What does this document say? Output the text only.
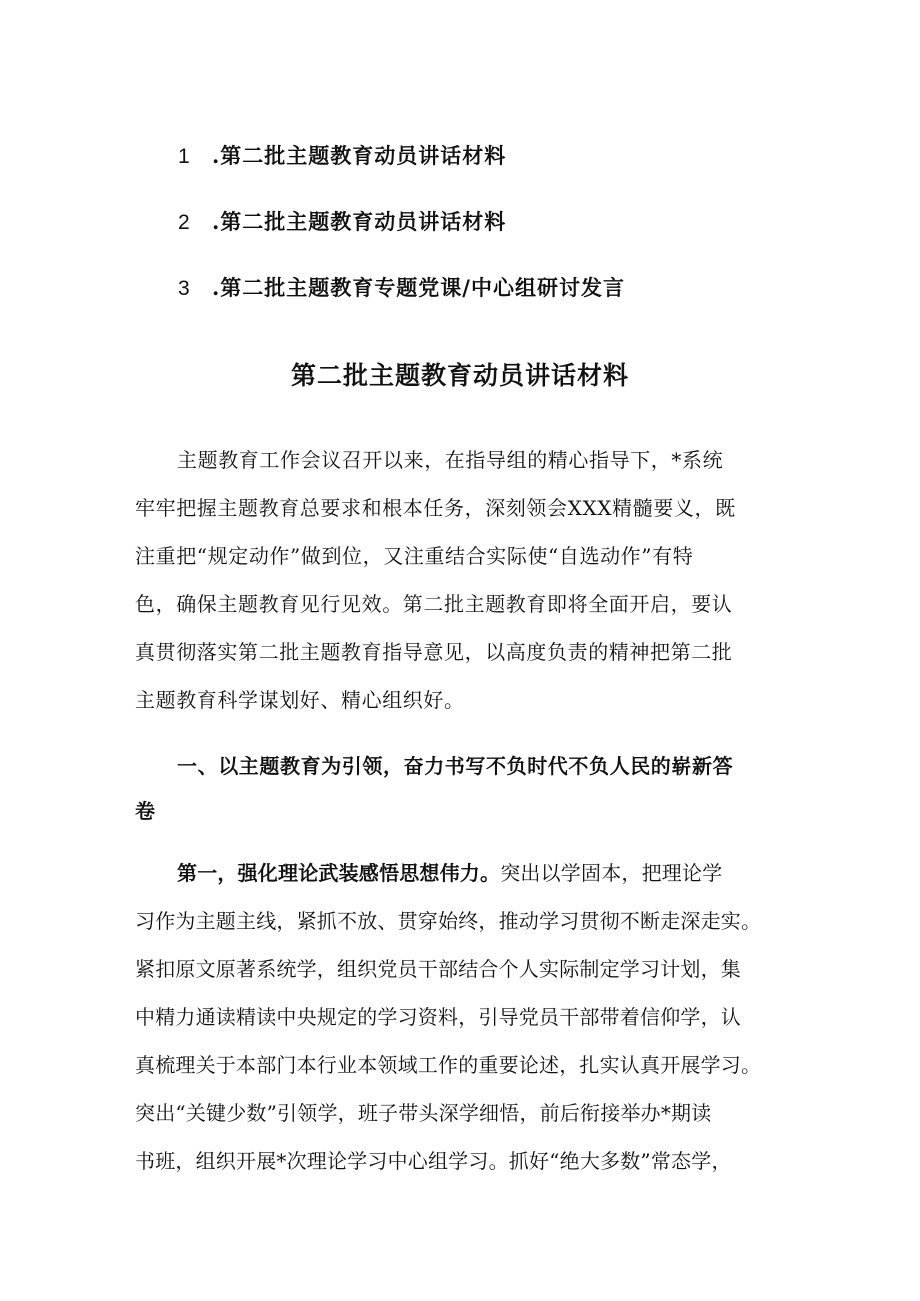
1 .第二批主题教育动员讲话材料
2 .第二批主题教育动员讲话材料
3 .第二批主题教育专题党课/中心组研讨发言
第二批主题教育动员讲话材料
主题教育工作会议召开以来，在指导组的精心指导下，*系统
牢牢把握主题教育总要求和根本任务，深刻领会XXX精髓要义，既
注重把“规定动作”做到位，又注重结合实际使“自选动作”有特
色，确保主题教育见行见效。第二批主题教育即将全面开启，要认
真贯彻落实第二批主题教育指导意见，以高度负责的精神把第二批
主题教育科学谋划好、精心组织好。
一、以主题教育为引领，奋力书写不负时代不负人民的崭新答
卷
第一，强化理论武装感悟思想伟力。突出以学固本，把理论学
习作为主题主线，紧抓不放、贯穿始终，推动学习贯彻不断走深走实。
紧扣原文原著系统学，组织党员干部结合个人实际制定学习计划，集
中精力通读精读中央规定的学习资料，引导党员干部带着信仰学，认
真梳理关于本部门本行业本领域工作的重要论述，扎实认真开展学习。
突出“关键少数”引领学，班子带头深学细悟，前后衔接举办*期读
书班，组织开展*次理论学习中心组学习。抓好“绝大多数”常态学，
